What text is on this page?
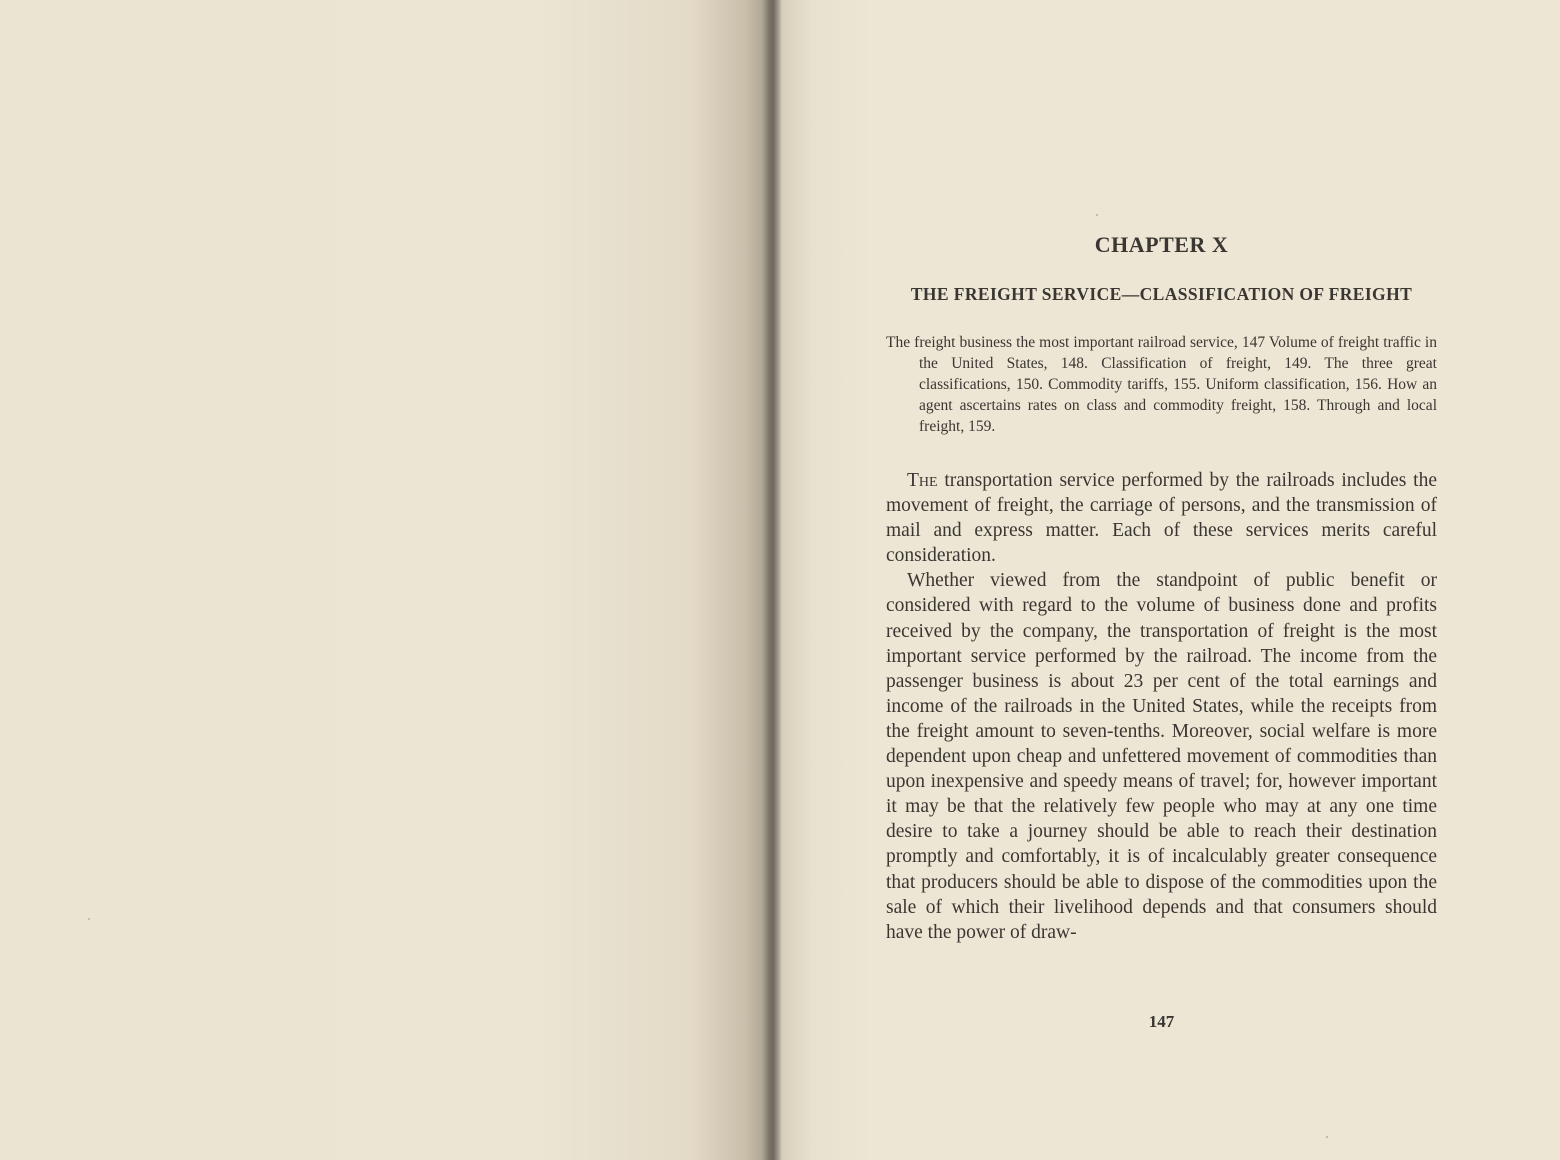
CHAPTER X
THE FREIGHT SERVICE—CLASSIFICATION OF FREIGHT

The freight business the most important railroad service, 147 Volume of freight traffic in the United States, 148. Classification of freight, 149. The three great classifications, 150. Commodity tariffs, 155. Uniform classification, 156. How an agent ascertains rates on class and commodity freight, 158. Through and local freight, 159.

The transportation service performed by the railroads includes the movement of freight, the carriage of persons, and the transmission of mail and express matter. Each of these services merits careful consideration.

Whether viewed from the standpoint of public benefit or considered with regard to the volume of business done and profits received by the company, the transportation of freight is the most important service performed by the railroad. The income from the passenger business is about 23 per cent of the total earnings and income of the railroads in the United States, while the receipts from the freight amount to seven-tenths. Moreover, social welfare is more dependent upon cheap and unfettered movement of commodities than upon inexpensive and speedy means of travel; for, however important it may be that the relatively few people who may at any one time desire to take a journey should be able to reach their destination promptly and comfortably, it is of incalculably greater consequence that producers should be able to dispose of the commodities upon the sale of which their livelihood depends and that consumers should have the power of draw-

147
